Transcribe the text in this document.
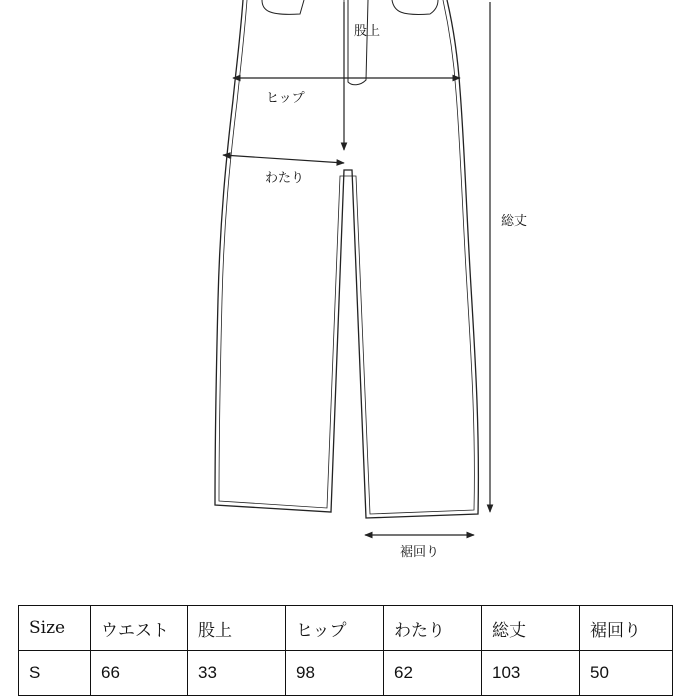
股上
ヒップ
わたり
総丈
裾回り
Size	ウエスト	股上	ヒップ	わたり	総丈	裾回り
S	66	33	98	62	103	50
